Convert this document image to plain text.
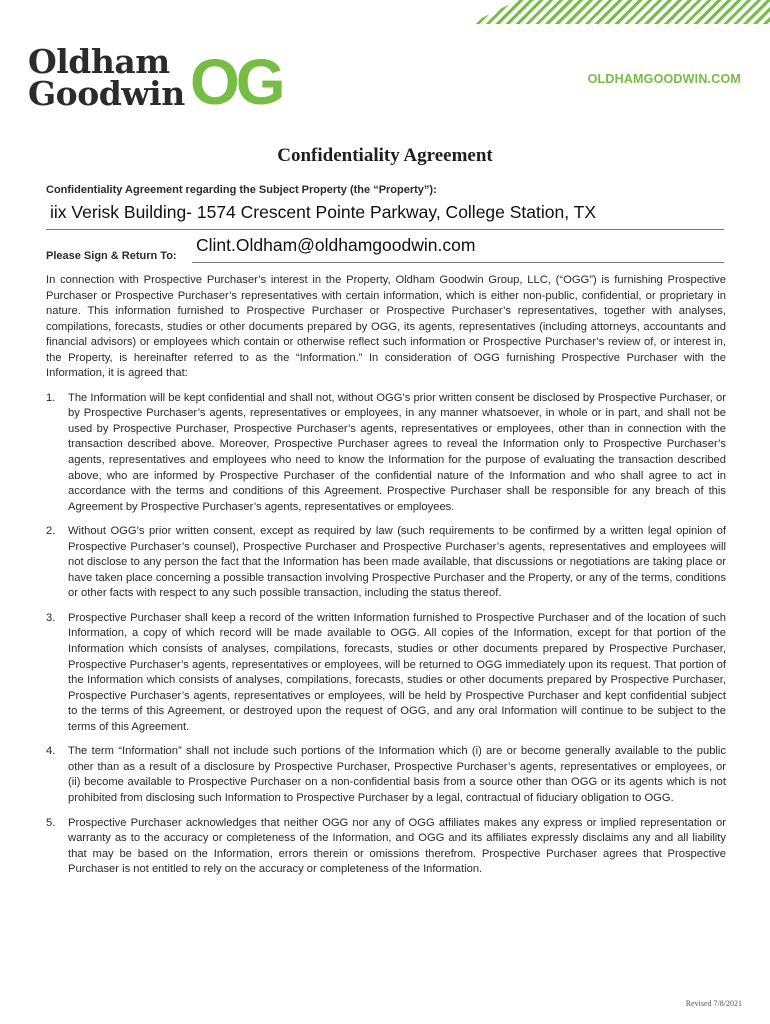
Oldham
Goodwin OG	OLDHAMGOODWIN.COM
Confidentiality Agreement
Confidentiality Agreement regarding the Subject Property (the “Property”):
iix Verisk Building- 1574 Crescent Pointe Parkway, College Station, TX
Please Sign & Return To:
Clint.Oldham@oldhamgoodwin.com

In connection with Prospective Purchaser’s interest in the Property, Oldham Goodwin Group, LLC, (“OGG”) is furnishing Prospective Purchaser or Prospective Purchaser’s representatives with certain information, which is either non-public, confidential, or proprietary in nature. This information furnished to Prospective Purchaser or Prospective Purchaser’s representatives, together with analyses, compilations, forecasts, studies or other documents prepared by OGG, its agents, representatives (including attorneys, accountants and financial advisors) or employees which contain or otherwise reflect such information or Prospective Purchaser’s review of, or interest in, the Property, is hereinafter referred to as the “Information.” In consideration of OGG furnishing Prospective Purchaser with the Information, it is agreed that:

1. The Information will be kept confidential and shall not, without OGG’s prior written consent be disclosed by Prospective Purchaser, or by Prospective Purchaser’s agents, representatives or employees, in any manner whatsoever, in whole or in part, and shall not be used by Prospective Purchaser, Prospective Purchaser’s agents, representatives or employees, other than in connection with the transaction described above. Moreover, Prospective Purchaser agrees to reveal the Information only to Prospective Purchaser’s agents, representatives and employees who need to know the Information for the purpose of evaluating the transaction described above, who are informed by Prospective Purchaser of the confidential nature of the Information and who shall agree to act in accordance with the terms and conditions of this Agreement. Prospective Purchaser shall be responsible for any breach of this Agreement by Prospective Purchaser’s agents, representatives or employees.
2. Without OGG’s prior written consent, except as required by law (such requirements to be confirmed by a written legal opinion of Prospective Purchaser’s counsel), Prospective Purchaser and Prospective Purchaser’s agents, representatives and employees will not disclose to any person the fact that the Information has been made available, that discussions or negotiations are taking place or have taken place concerning a possible transaction involving Prospective Purchaser and the Property, or any of the terms, conditions or other facts with respect to any such possible transaction, including the status thereof.
3. Prospective Purchaser shall keep a record of the written Information furnished to Prospective Purchaser and of the location of such Information, a copy of which record will be made available to OGG. All copies of the Information, except for that portion of the Information which consists of analyses, compilations, forecasts, studies or other documents prepared by Prospective Purchaser, Prospective Purchaser’s agents, representatives or employees, will be returned to OGG immediately upon its request. That portion of the Information which consists of analyses, compilations, forecasts, studies or other documents prepared by Prospective Purchaser, Prospective Purchaser’s agents, representatives or employees, will be held by Prospective Purchaser and kept confidential subject to the terms of this Agreement, or destroyed upon the request of OGG, and any oral Information will continue to be subject to the terms of this Agreement.
4. The term “Information” shall not include such portions of the Information which (i) are or become generally available to the public other than as a result of a disclosure by Prospective Purchaser, Prospective Purchaser’s agents, representatives or employees, or (ii) become available to Prospective Purchaser on a non-confidential basis from a source other than OGG or its agents which is not prohibited from disclosing such Information to Prospective Purchaser by a legal, contractual of fiduciary obligation to OGG.
5. Prospective Purchaser acknowledges that neither OGG nor any of OGG affiliates makes any express or implied representation or warranty as to the accuracy or completeness of the Information, and OGG and its affiliates expressly disclaims any and all liability that may be based on the Information, errors therein or omissions therefrom. Prospective Purchaser agrees that Prospective Purchaser is not entitled to rely on the accuracy or completeness of the Information.
Revised 7/8/2021
